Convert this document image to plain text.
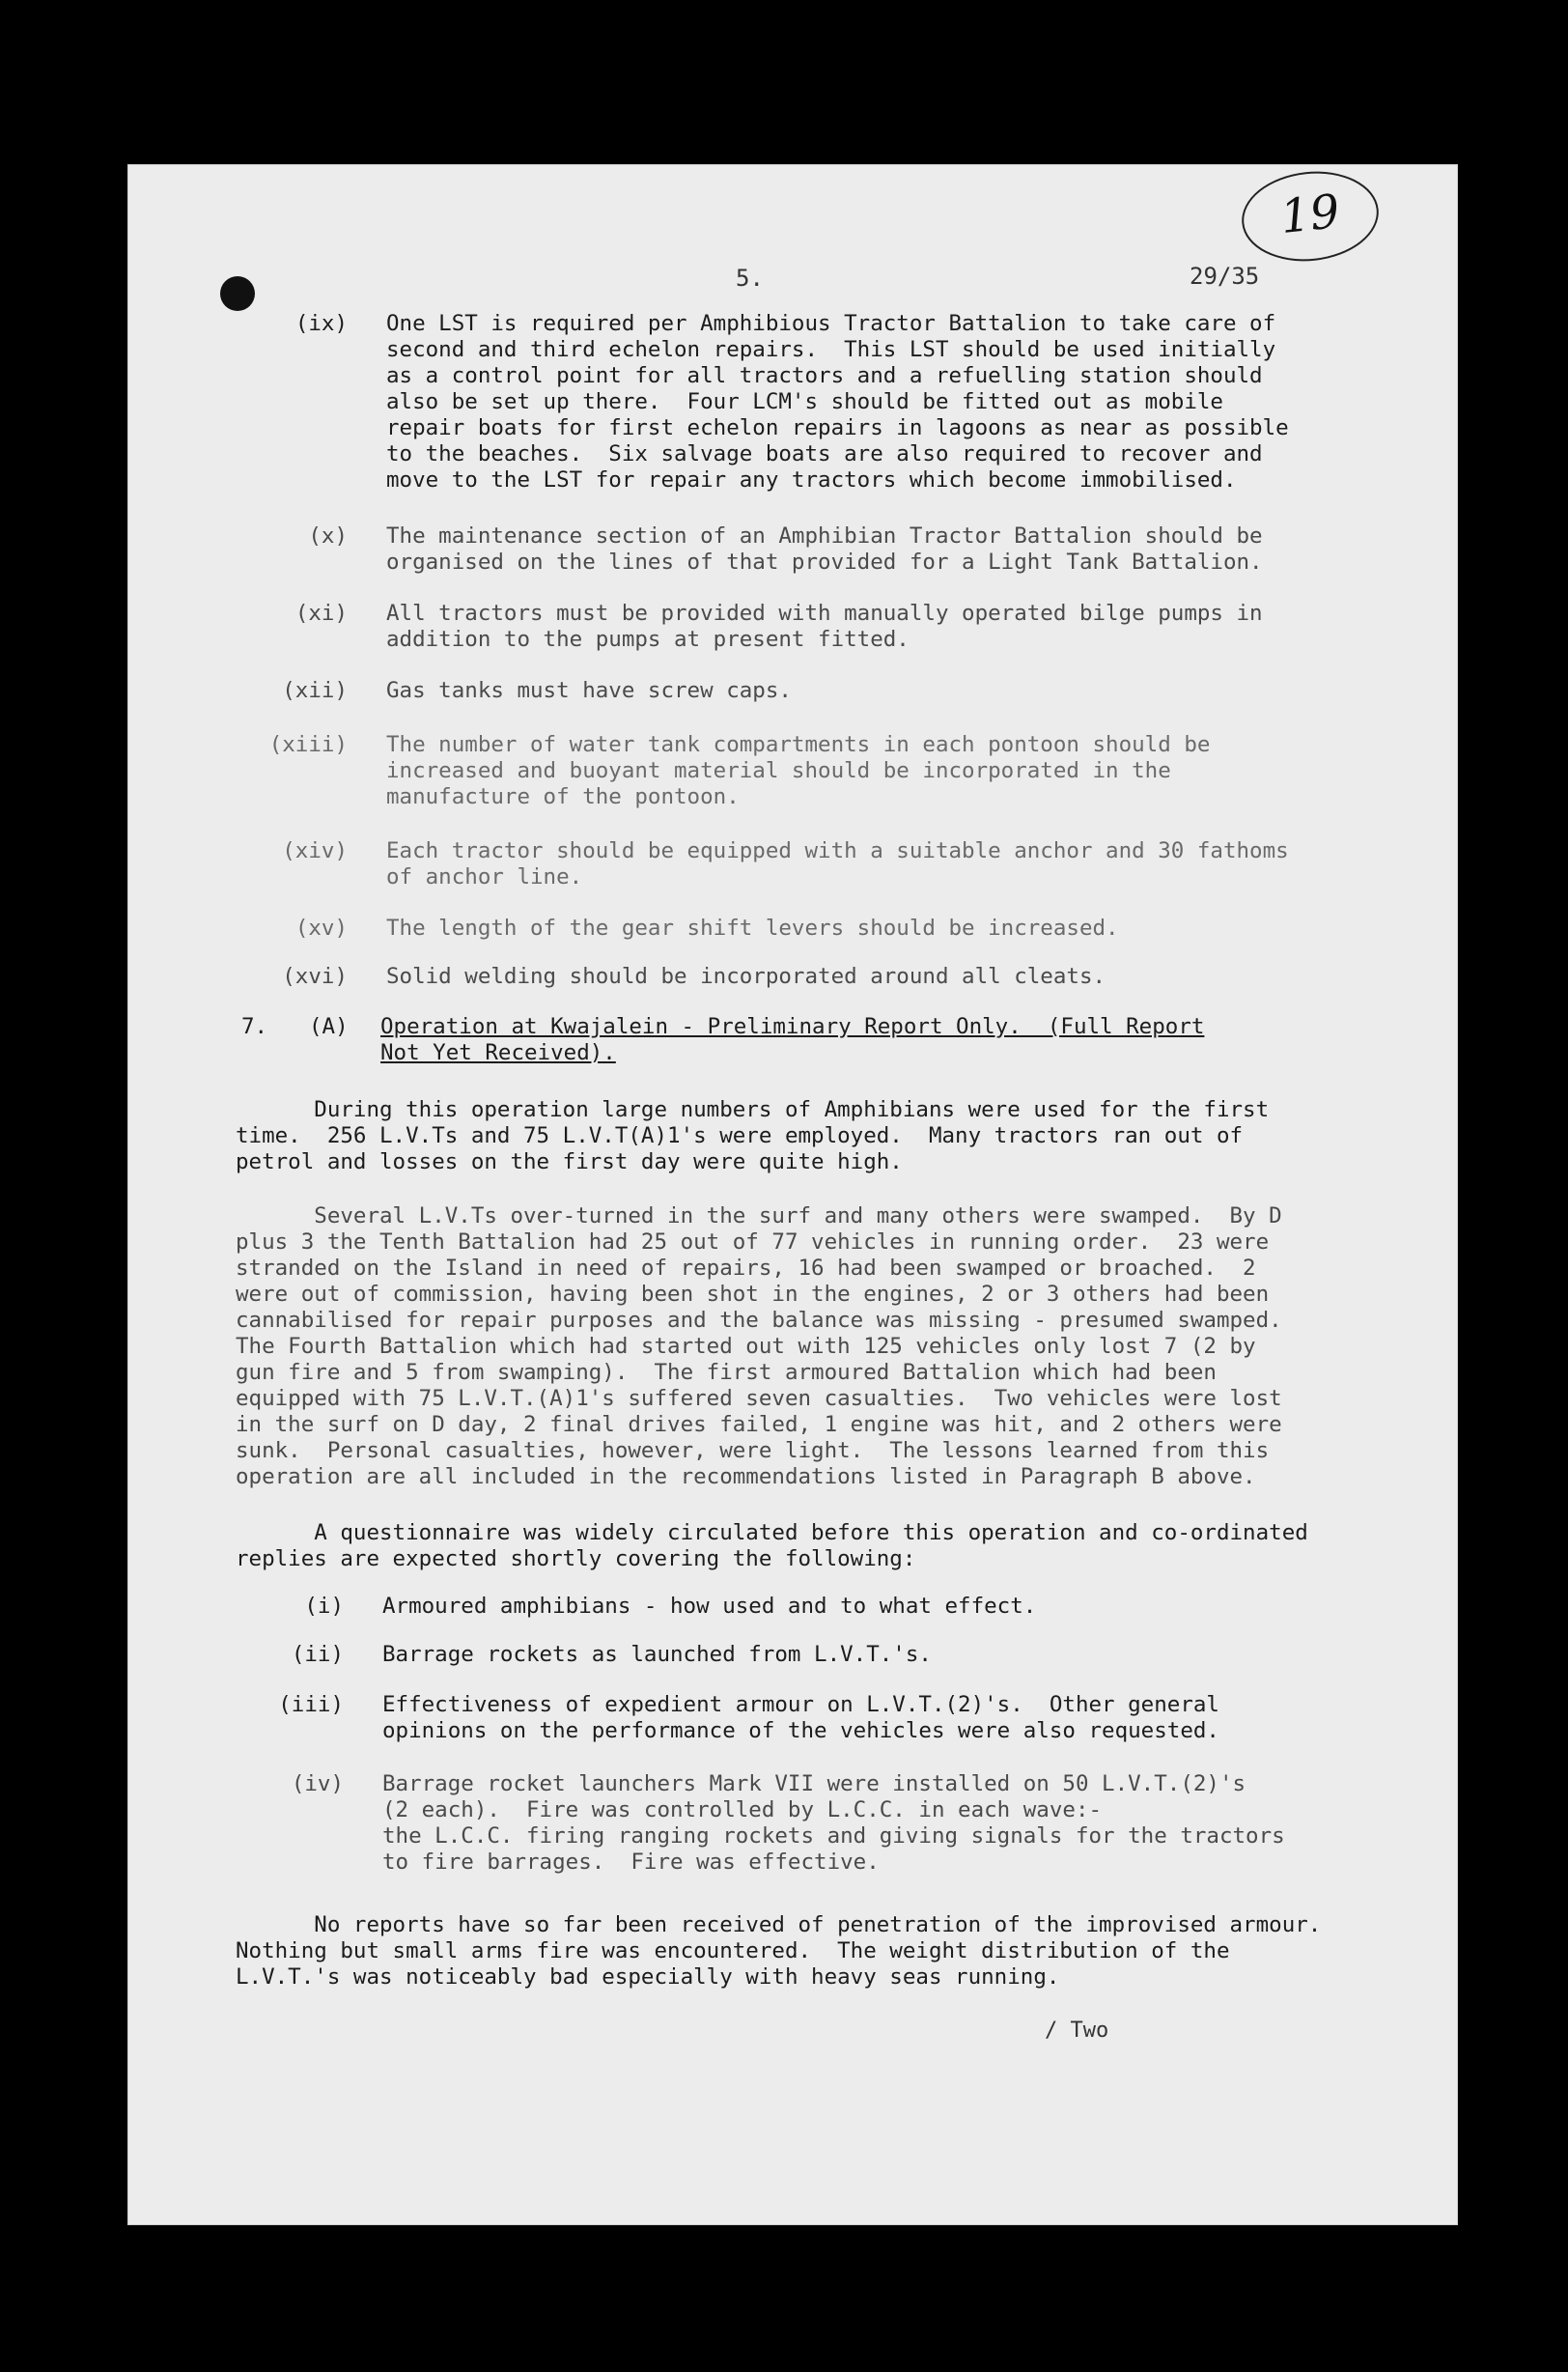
19
5.	29/35
(ix) One LST is required per Amphibious Tractor Battalion to take care of
second and third echelon repairs.  This LST should be used initially
as a control point for all tractors and a refuelling station should
also be set up there.  Four LCM's should be fitted out as mobile
repair boats for first echelon repairs in lagoons as near as possible
to the beaches.  Six salvage boats are also required to recover and
move to the LST for repair any tractors which become immobilised.
(x) The maintenance section of an Amphibian Tractor Battalion should be
organised on the lines of that provided for a Light Tank Battalion.
(xi) All tractors must be provided with manually operated bilge pumps in
addition to the pumps at present fitted.
(xii) Gas tanks must have screw caps.
(xiii) The number of water tank compartments in each pontoon should be
increased and buoyant material should be incorporated in the
manufacture of the pontoon.
(xiv) Each tractor should be equipped with a suitable anchor and 30 fathoms
of anchor line.
(xv) The length of the gear shift levers should be increased.
(xvi) Solid welding should be incorporated around all cleats.
7. (A) Operation at Kwajalein - Preliminary Report Only.  (Full Report
Not Yet Received).
During this operation large numbers of Amphibians were used for the first
time.  256 L.V.Ts and 75 L.V.T(A)1's were employed.  Many tractors ran out of
petrol and losses on the first day were quite high.
Several L.V.Ts over-turned in the surf and many others were swamped.  By D
plus 3 the Tenth Battalion had 25 out of 77 vehicles in running order.  23 were
stranded on the Island in need of repairs, 16 had been swamped or broached.  2
were out of commission, having been shot in the engines, 2 or 3 others had been
cannabilised for repair purposes and the balance was missing - presumed swamped.
The Fourth Battalion which had started out with 125 vehicles only lost 7 (2 by
gun fire and 5 from swamping).  The first armoured Battalion which had been
equipped with 75 L.V.T.(A)1's suffered seven casualties.  Two vehicles were lost
in the surf on D day, 2 final drives failed, 1 engine was hit, and 2 others were
sunk.  Personal casualties, however, were light.  The lessons learned from this
operation are all included in the recommendations listed in Paragraph B above.
A questionnaire was widely circulated before this operation and co-ordinated
replies are expected shortly covering the following:
(i) Armoured amphibians - how used and to what effect.
(ii) Barrage rockets as launched from L.V.T.'s.
(iii) Effectiveness of expedient armour on L.V.T.(2)'s.  Other general
opinions on the performance of the vehicles were also requested.
(iv) Barrage rocket launchers Mark VII were installed on 50 L.V.T.(2)'s
(2 each).  Fire was controlled by L.C.C. in each wave:-
the L.C.C. firing ranging rockets and giving signals for the tractors
to fire barrages.  Fire was effective.
No reports have so far been received of penetration of the improvised armour.
Nothing but small arms fire was encountered.  The weight distribution of the
L.V.T.'s was noticeably bad especially with heavy seas running.
/ Two
